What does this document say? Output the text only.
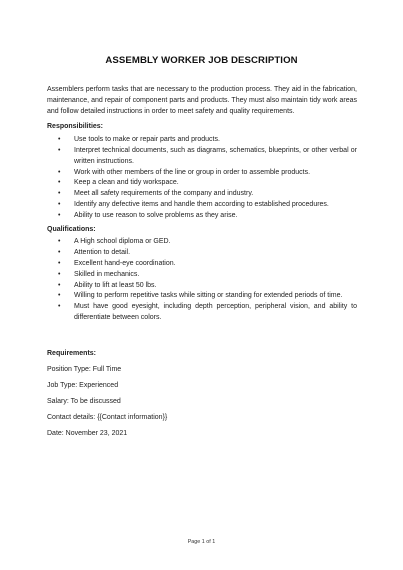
ASSEMBLY WORKER JOB DESCRIPTION

Assemblers perform tasks that are necessary to the production process. They aid in the fabrication, maintenance, and repair of component parts and products. They must also maintain tidy work areas and follow detailed instructions in order to meet safety and quality requirements.

Responsibilities:

• Use tools to make or repair parts and products.
• Interpret technical documents, such as diagrams, schematics, blueprints, or other verbal or written instructions.
• Work with other members of the line or group in order to assemble products.
• Keep a clean and tidy workspace.
• Meet all safety requirements of the company and industry.
• Identify any defective items and handle them according to established procedures.
• Ability to use reason to solve problems as they arise.

Qualifications:

• A High school diploma or GED.
• Attention to detail.
• Excellent hand-eye coordination.
• Skilled in mechanics.
• Ability to lift at least 50 lbs.
• Willing to perform repetitive tasks while sitting or standing for extended periods of time.
• Must have good eyesight, including depth perception, peripheral vision, and ability to differentiate between colors.

Requirements:

Position Type: Full Time

Job Type: Experienced

Salary: To be discussed

Contact details: {{Contact information}}

Date: November 23, 2021

Page 1 of 1
